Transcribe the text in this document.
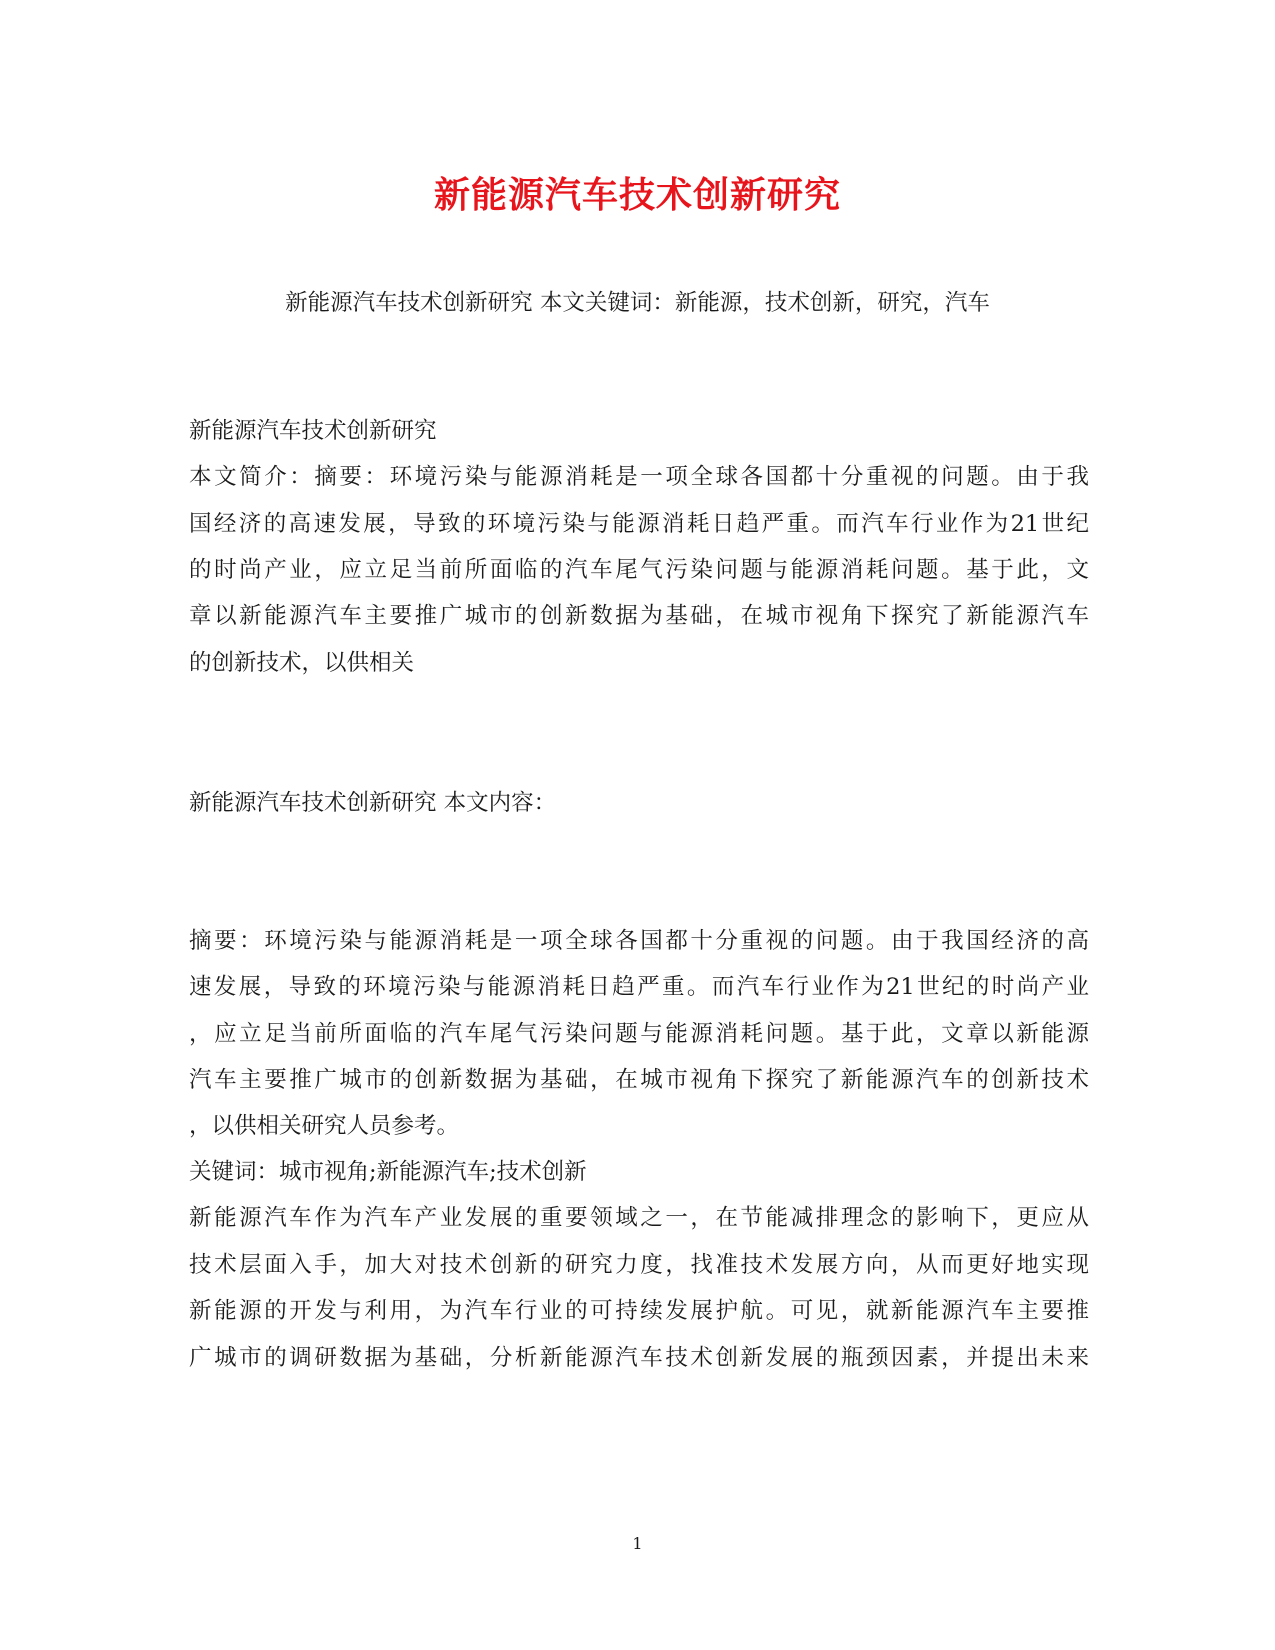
新能源汽车技术创新研究
新能源汽车技术创新研究 本文关键词：新能源，技术创新，研究，汽车
新能源汽车技术创新研究
本文简介：摘要：环境污染与能源消耗是一项全球各国都十分重视的问题。由于我
国经济的高速发展，导致的环境污染与能源消耗日趋严重。而汽车行业作为21世纪
的时尚产业，应立足当前所面临的汽车尾气污染问题与能源消耗问题。基于此，文
章以新能源汽车主要推广城市的创新数据为基础，在城市视角下探究了新能源汽车
的创新技术，以供相关
新能源汽车技术创新研究 本文内容：
摘要：环境污染与能源消耗是一项全球各国都十分重视的问题。由于我国经济的高
速发展，导致的环境污染与能源消耗日趋严重。而汽车行业作为21世纪的时尚产业
，应立足当前所面临的汽车尾气污染问题与能源消耗问题。基于此，文章以新能源
汽车主要推广城市的创新数据为基础，在城市视角下探究了新能源汽车的创新技术
，以供相关研究人员参考。
关键词：城市视角;新能源汽车;技术创新
新能源汽车作为汽车产业发展的重要领域之一，在节能减排理念的影响下，更应从
技术层面入手，加大对技术创新的研究力度，找准技术发展方向，从而更好地实现
新能源的开发与利用，为汽车行业的可持续发展护航。可见，就新能源汽车主要推
广城市的调研数据为基础，分析新能源汽车技术创新发展的瓶颈因素，并提出未来
1
